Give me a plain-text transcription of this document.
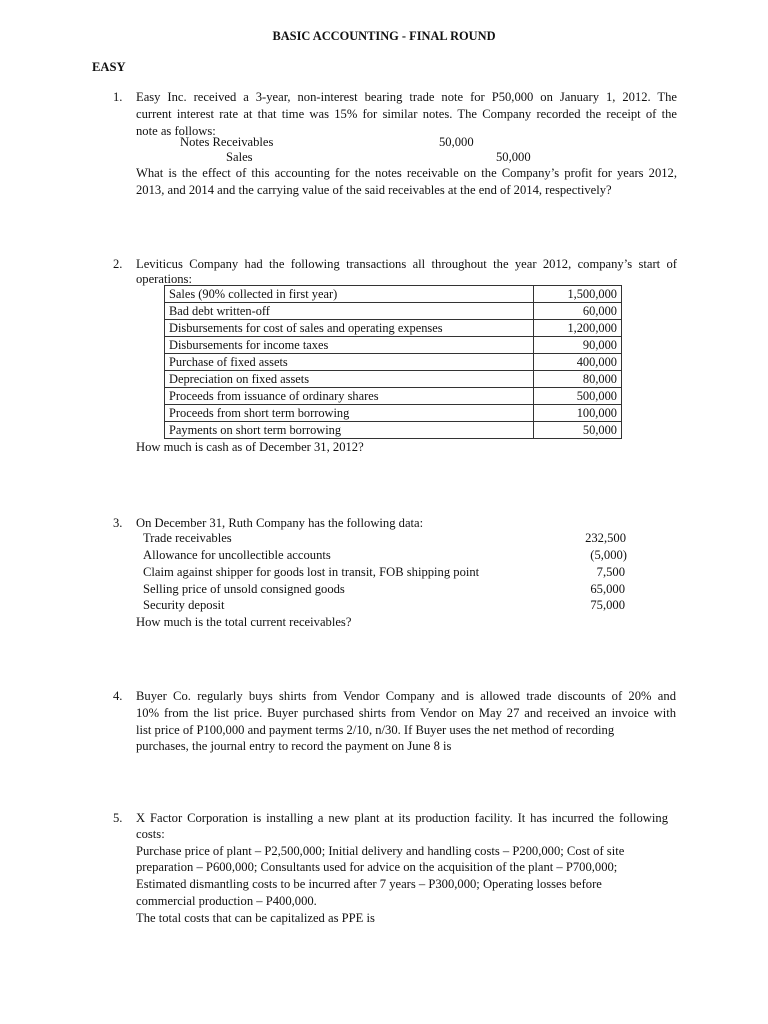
BASIC ACCOUNTING - FINAL ROUND
EASY
1. Easy Inc. received a 3-year, non-interest bearing trade note for P50,000 on January 1, 2012. The

current interest rate at that time was 15% for similar notes. The Company recorded the receipt of the

note as follows:

Notes Receivables	50,000
Sales	50,000

What is the effect of this accounting for the notes receivable on the Company’s profit for years 2012,

2013, and 2014 and the carrying value of the said receivables at the end of 2014, respectively?

2. Leviticus Company had the following transactions all throughout the year 2012, company’s start of

operations:

Sales (90% collected in first year)	1,500,000
Bad debt written-off	60,000
Disbursements for cost of sales and operating expenses	1,200,000
Disbursements for income taxes	90,000
Purchase of fixed assets	400,000
Depreciation on fixed assets	80,000
Proceeds from issuance of ordinary shares	500,000
Proceeds from short term borrowing	100,000
Payments on short term borrowing	50,000
How much is cash as of December 31, 2012?
3. On December 31, Ruth Company has the following data:
Trade receivables	232,500
Allowance for uncollectible accounts	(5,000)
Claim against shipper for goods lost in transit, FOB shipping point	7,500
Selling price of unsold consigned goods	65,000
Security deposit	75,000
How much is the total current receivables?
4. Buyer Co. regularly buys shirts from Vendor Company and is allowed trade discounts of 20% and

10% from the list price. Buyer purchased shirts from Vendor on May 27 and received an invoice with

list price of P100,000 and payment terms 2/10, n/30. If Buyer uses the net method of recording

purchases, the journal entry to record the payment on June 8 is

5. X Factor Corporation is installing a new plant at its production facility. It has incurred the following

costs:

Purchase price of plant – P2,500,000; Initial delivery and handling costs – P200,000; Cost of site

preparation – P600,000; Consultants used for advice on the acquisition of the plant – P700,000;

Estimated dismantling costs to be incurred after 7 years – P300,000; Operating losses before

commercial production – P400,000.

The total costs that can be capitalized as PPE is
